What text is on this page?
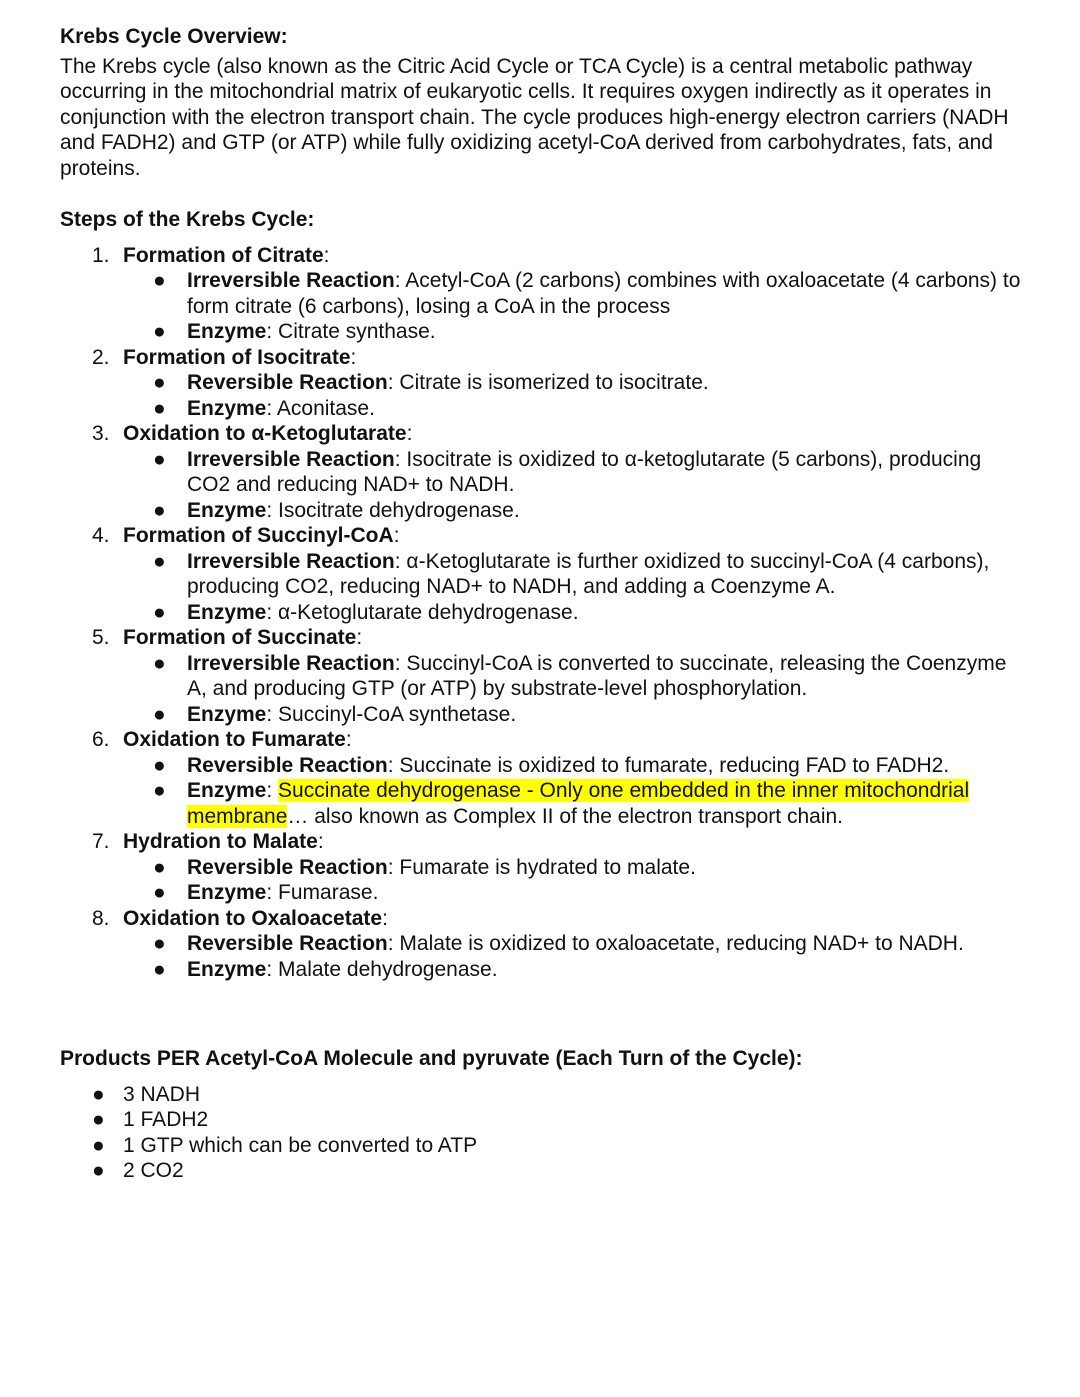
Krebs Cycle Overview:

The Krebs cycle (also known as the Citric Acid Cycle or TCA Cycle) is a central metabolic pathway occurring in the mitochondrial matrix of eukaryotic cells. It requires oxygen indirectly as it operates in conjunction with the electron transport chain. The cycle produces high-energy electron carriers (NADH and FADH2) and GTP (or ATP) while fully oxidizing acetyl-CoA derived from carbohydrates, fats, and proteins.

Steps of the Krebs Cycle:

1. Formation of Citrate:
● Irreversible Reaction: Acetyl-CoA (2 carbons) combines with oxaloacetate (4 carbons) to form citrate (6 carbons), losing a CoA in the process
● Enzyme: Citrate synthase.
2. Formation of Isocitrate:
● Reversible Reaction: Citrate is isomerized to isocitrate.
● Enzyme: Aconitase.
3. Oxidation to α-Ketoglutarate:
● Irreversible Reaction: Isocitrate is oxidized to α-ketoglutarate (5 carbons), producing CO2 and reducing NAD+ to NADH.
● Enzyme: Isocitrate dehydrogenase.
4. Formation of Succinyl-CoA:
● Irreversible Reaction: α-Ketoglutarate is further oxidized to succinyl-CoA (4 carbons), producing CO2, reducing NAD+ to NADH, and adding a Coenzyme A.
● Enzyme: α-Ketoglutarate dehydrogenase.
5. Formation of Succinate:
● Irreversible Reaction: Succinyl-CoA is converted to succinate, releasing the Coenzyme A, and producing GTP (or ATP) by substrate-level phosphorylation.
● Enzyme: Succinyl-CoA synthetase.
6. Oxidation to Fumarate:
● Reversible Reaction: Succinate is oxidized to fumarate, reducing FAD to FADH2.
● Enzyme: Succinate dehydrogenase - Only one embedded in the inner mitochondrial membrane… also known as Complex II of the electron transport chain.
7. Hydration to Malate:
● Reversible Reaction: Fumarate is hydrated to malate.
● Enzyme: Fumarase.
8. Oxidation to Oxaloacetate:
● Reversible Reaction: Malate is oxidized to oxaloacetate, reducing NAD+ to NADH.
● Enzyme: Malate dehydrogenase.

Products PER Acetyl-CoA Molecule and pyruvate (Each Turn of the Cycle):

● 3 NADH
● 1 FADH2
● 1 GTP which can be converted to ATP
● 2 CO2
